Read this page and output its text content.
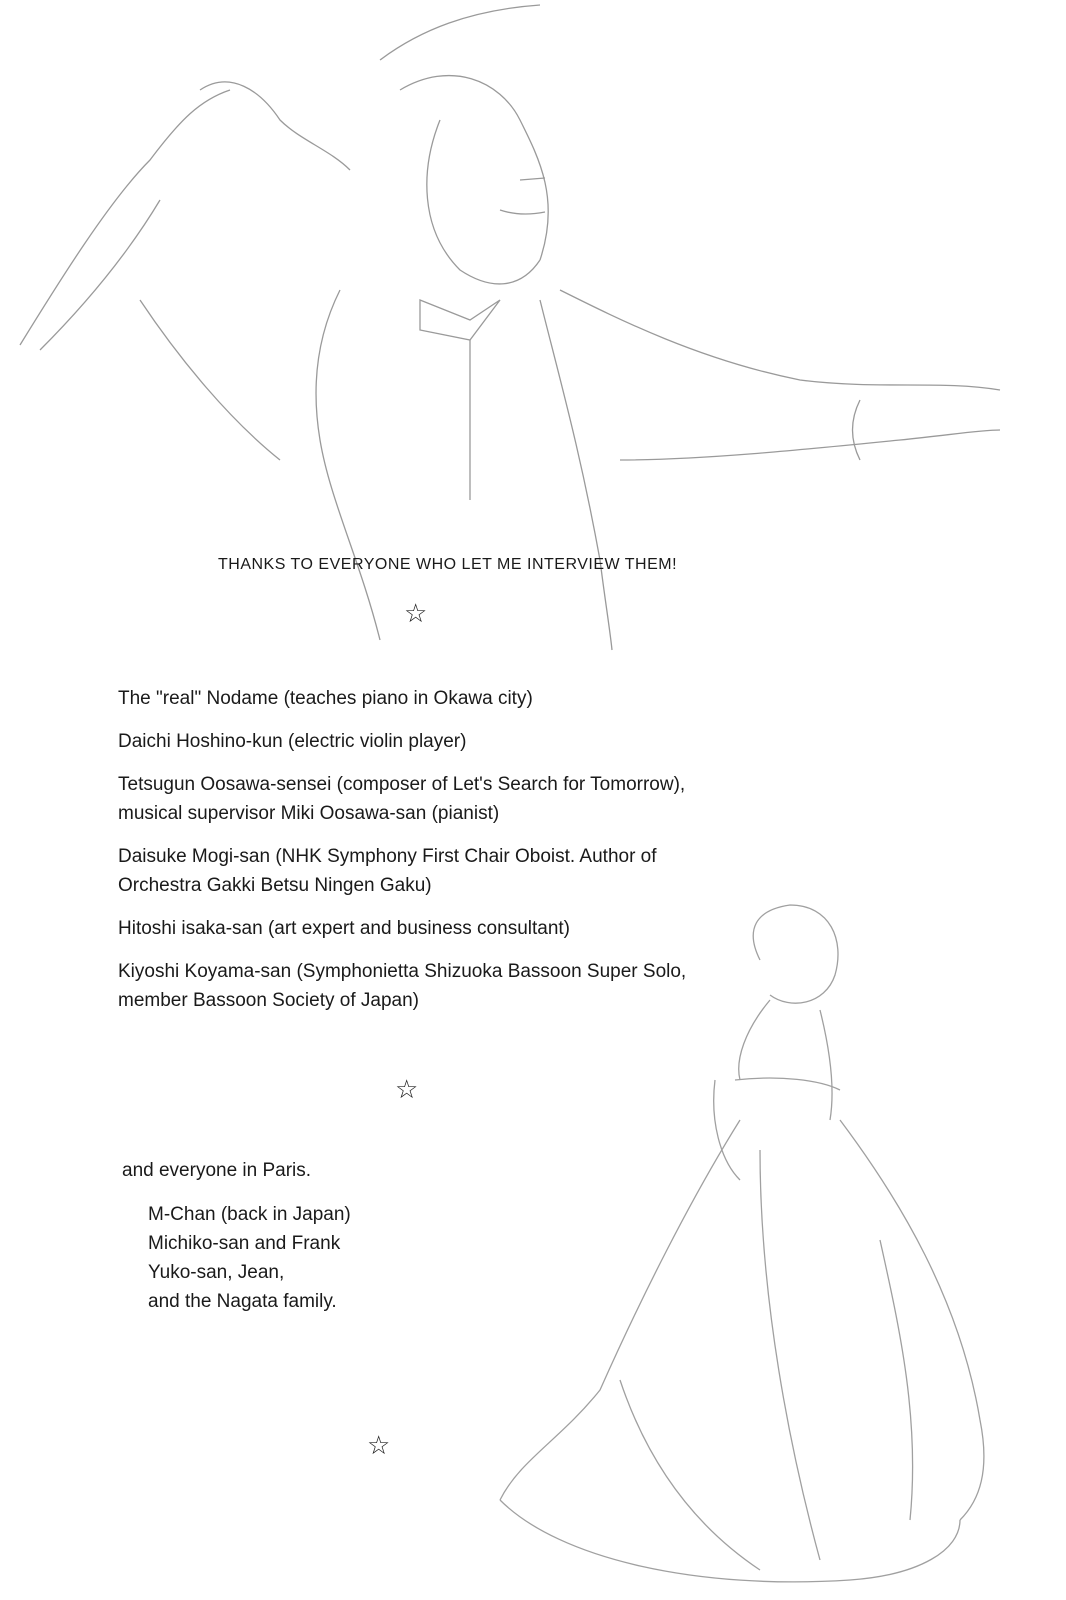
THANKS TO EVERYONE WHO LET ME INTERVIEW THEM!
☆
The "real" Nodame (teaches piano in Okawa city)
Daichi Hoshino-kun (electric violin player)
Tetsugun Oosawa-sensei (composer of Let's Search for Tomorrow),
musical supervisor Miki Oosawa-san (pianist)
Daisuke Mogi-san (NHK Symphony First Chair Oboist. Author of
Orchestra Gakki Betsu Ningen Gaku)
Hitoshi isaka-san (art expert and business consultant)
Kiyoshi Koyama-san (Symphonietta Shizuoka Bassoon Super Solo,
member Bassoon Society of Japan)
☆
and everyone in Paris.
M-Chan (back in Japan)
Michiko-san and Frank
Yuko-san, Jean,
and the Nagata family.
☆
